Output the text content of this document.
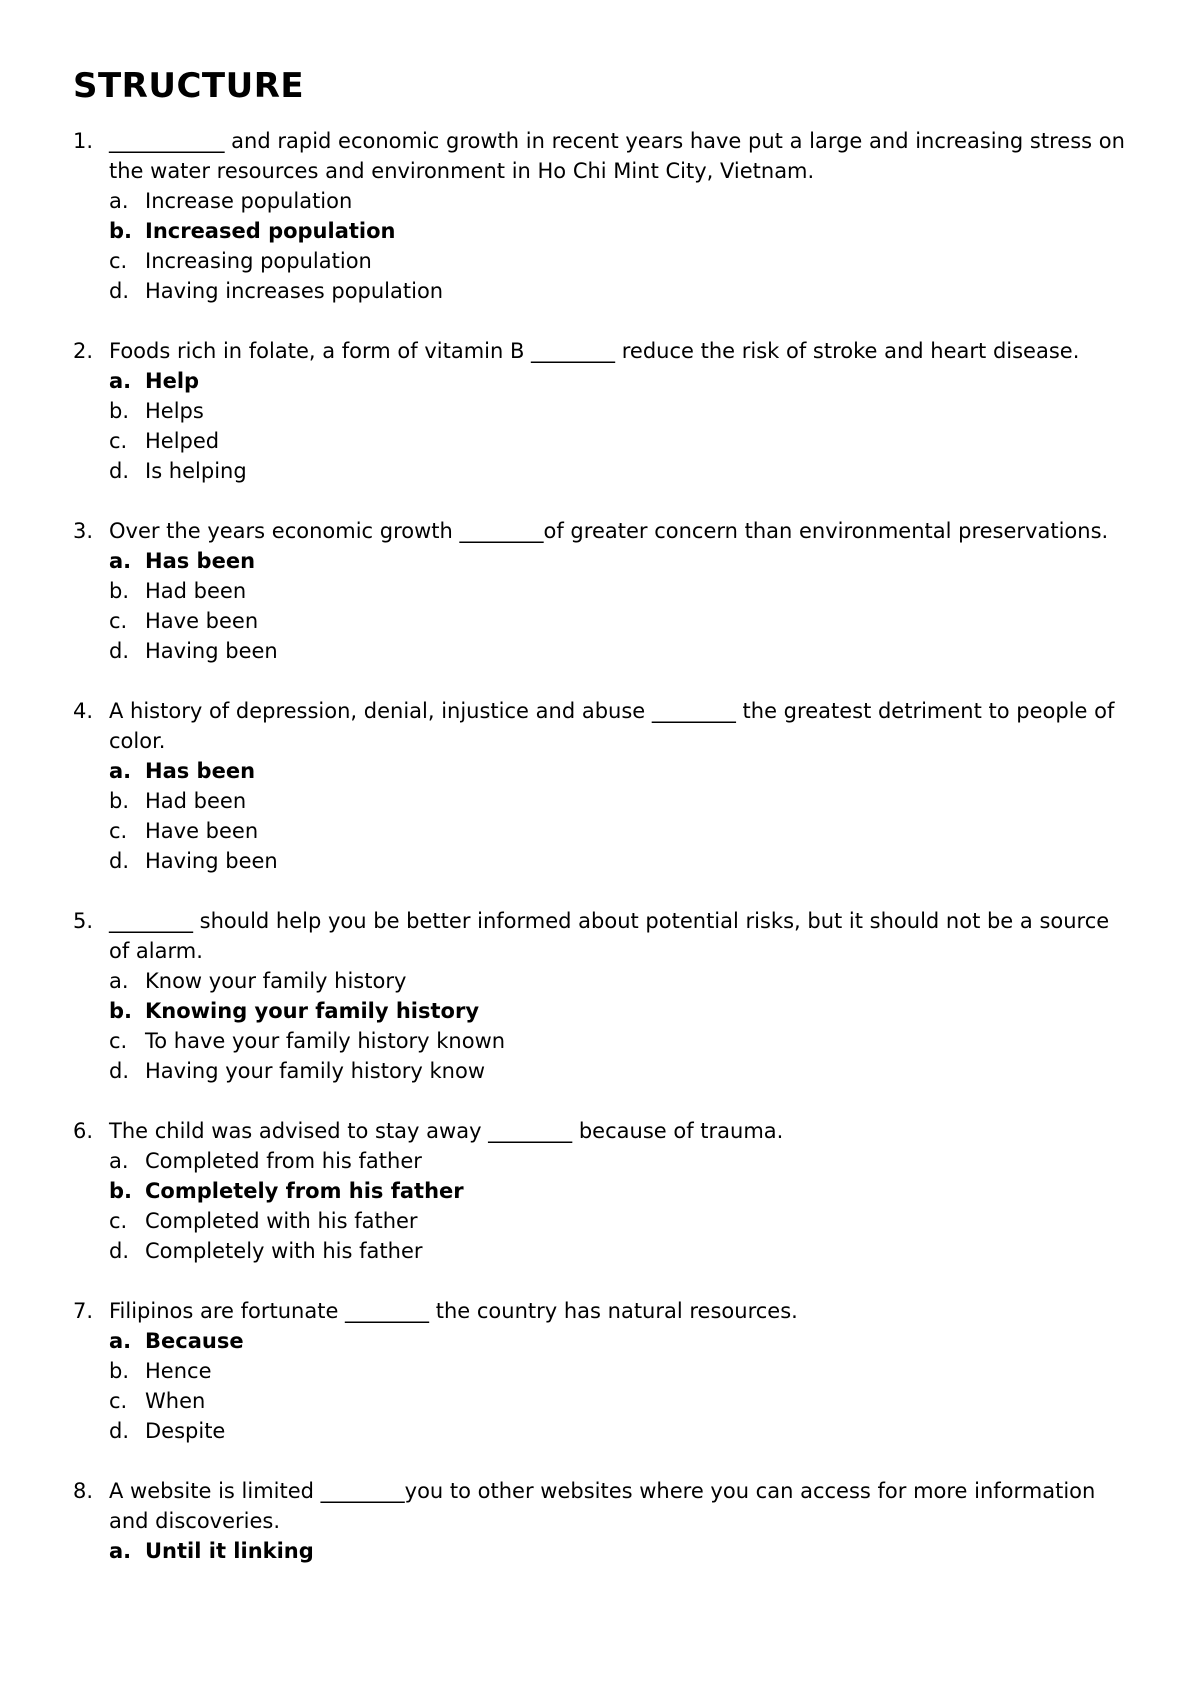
STRUCTURE
1. ___________ and rapid economic growth in recent years have put a large and increasing stress on the water resources and environment in Ho Chi Mint City, Vietnam.
a. Increase population
b. Increased population
c. Increasing population
d. Having increases population
2. Foods rich in folate, a form of vitamin B ________ reduce the risk of stroke and heart disease.
a. Help
b. Helps
c. Helped
d. Is helping
3. Over the years economic growth ________of greater concern than environmental preservations.
a. Has been
b. Had been
c. Have been
d. Having been
4. A history of depression, denial, injustice and abuse ________ the greatest detriment to people of color.
a. Has been
b. Had been
c. Have been
d. Having been
5. ________ should help you be better informed about potential risks, but it should not be a source of alarm.
a. Know your family history
b. Knowing your family history
c. To have your family history known
d. Having your family history know
6. The child was advised to stay away ________ because of trauma.
a. Completed from his father
b. Completely from his father
c. Completed with his father
d. Completely with his father
7. Filipinos are fortunate ________ the country has natural resources.
a. Because
b. Hence
c. When
d. Despite
8. A website is limited ________you to other websites where you can access for more information and discoveries.
a. Until it linking
